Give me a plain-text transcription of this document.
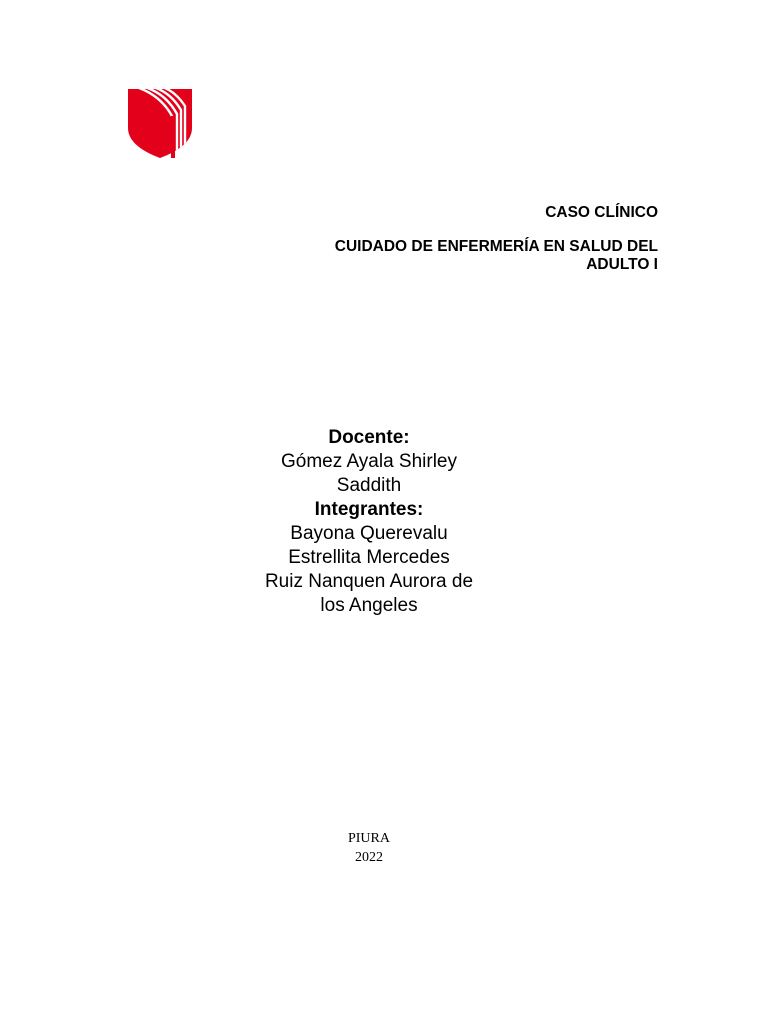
CASO CLÍNICO

CUIDADO DE ENFERMERÍA EN SALUD DEL
ADULTO I

Docente:
Gómez Ayala Shirley
Saddith
Integrantes:
Bayona Querevalu
Estrellita Mercedes
Ruiz Nanquen Aurora de
los Angeles
PIURA
2022
